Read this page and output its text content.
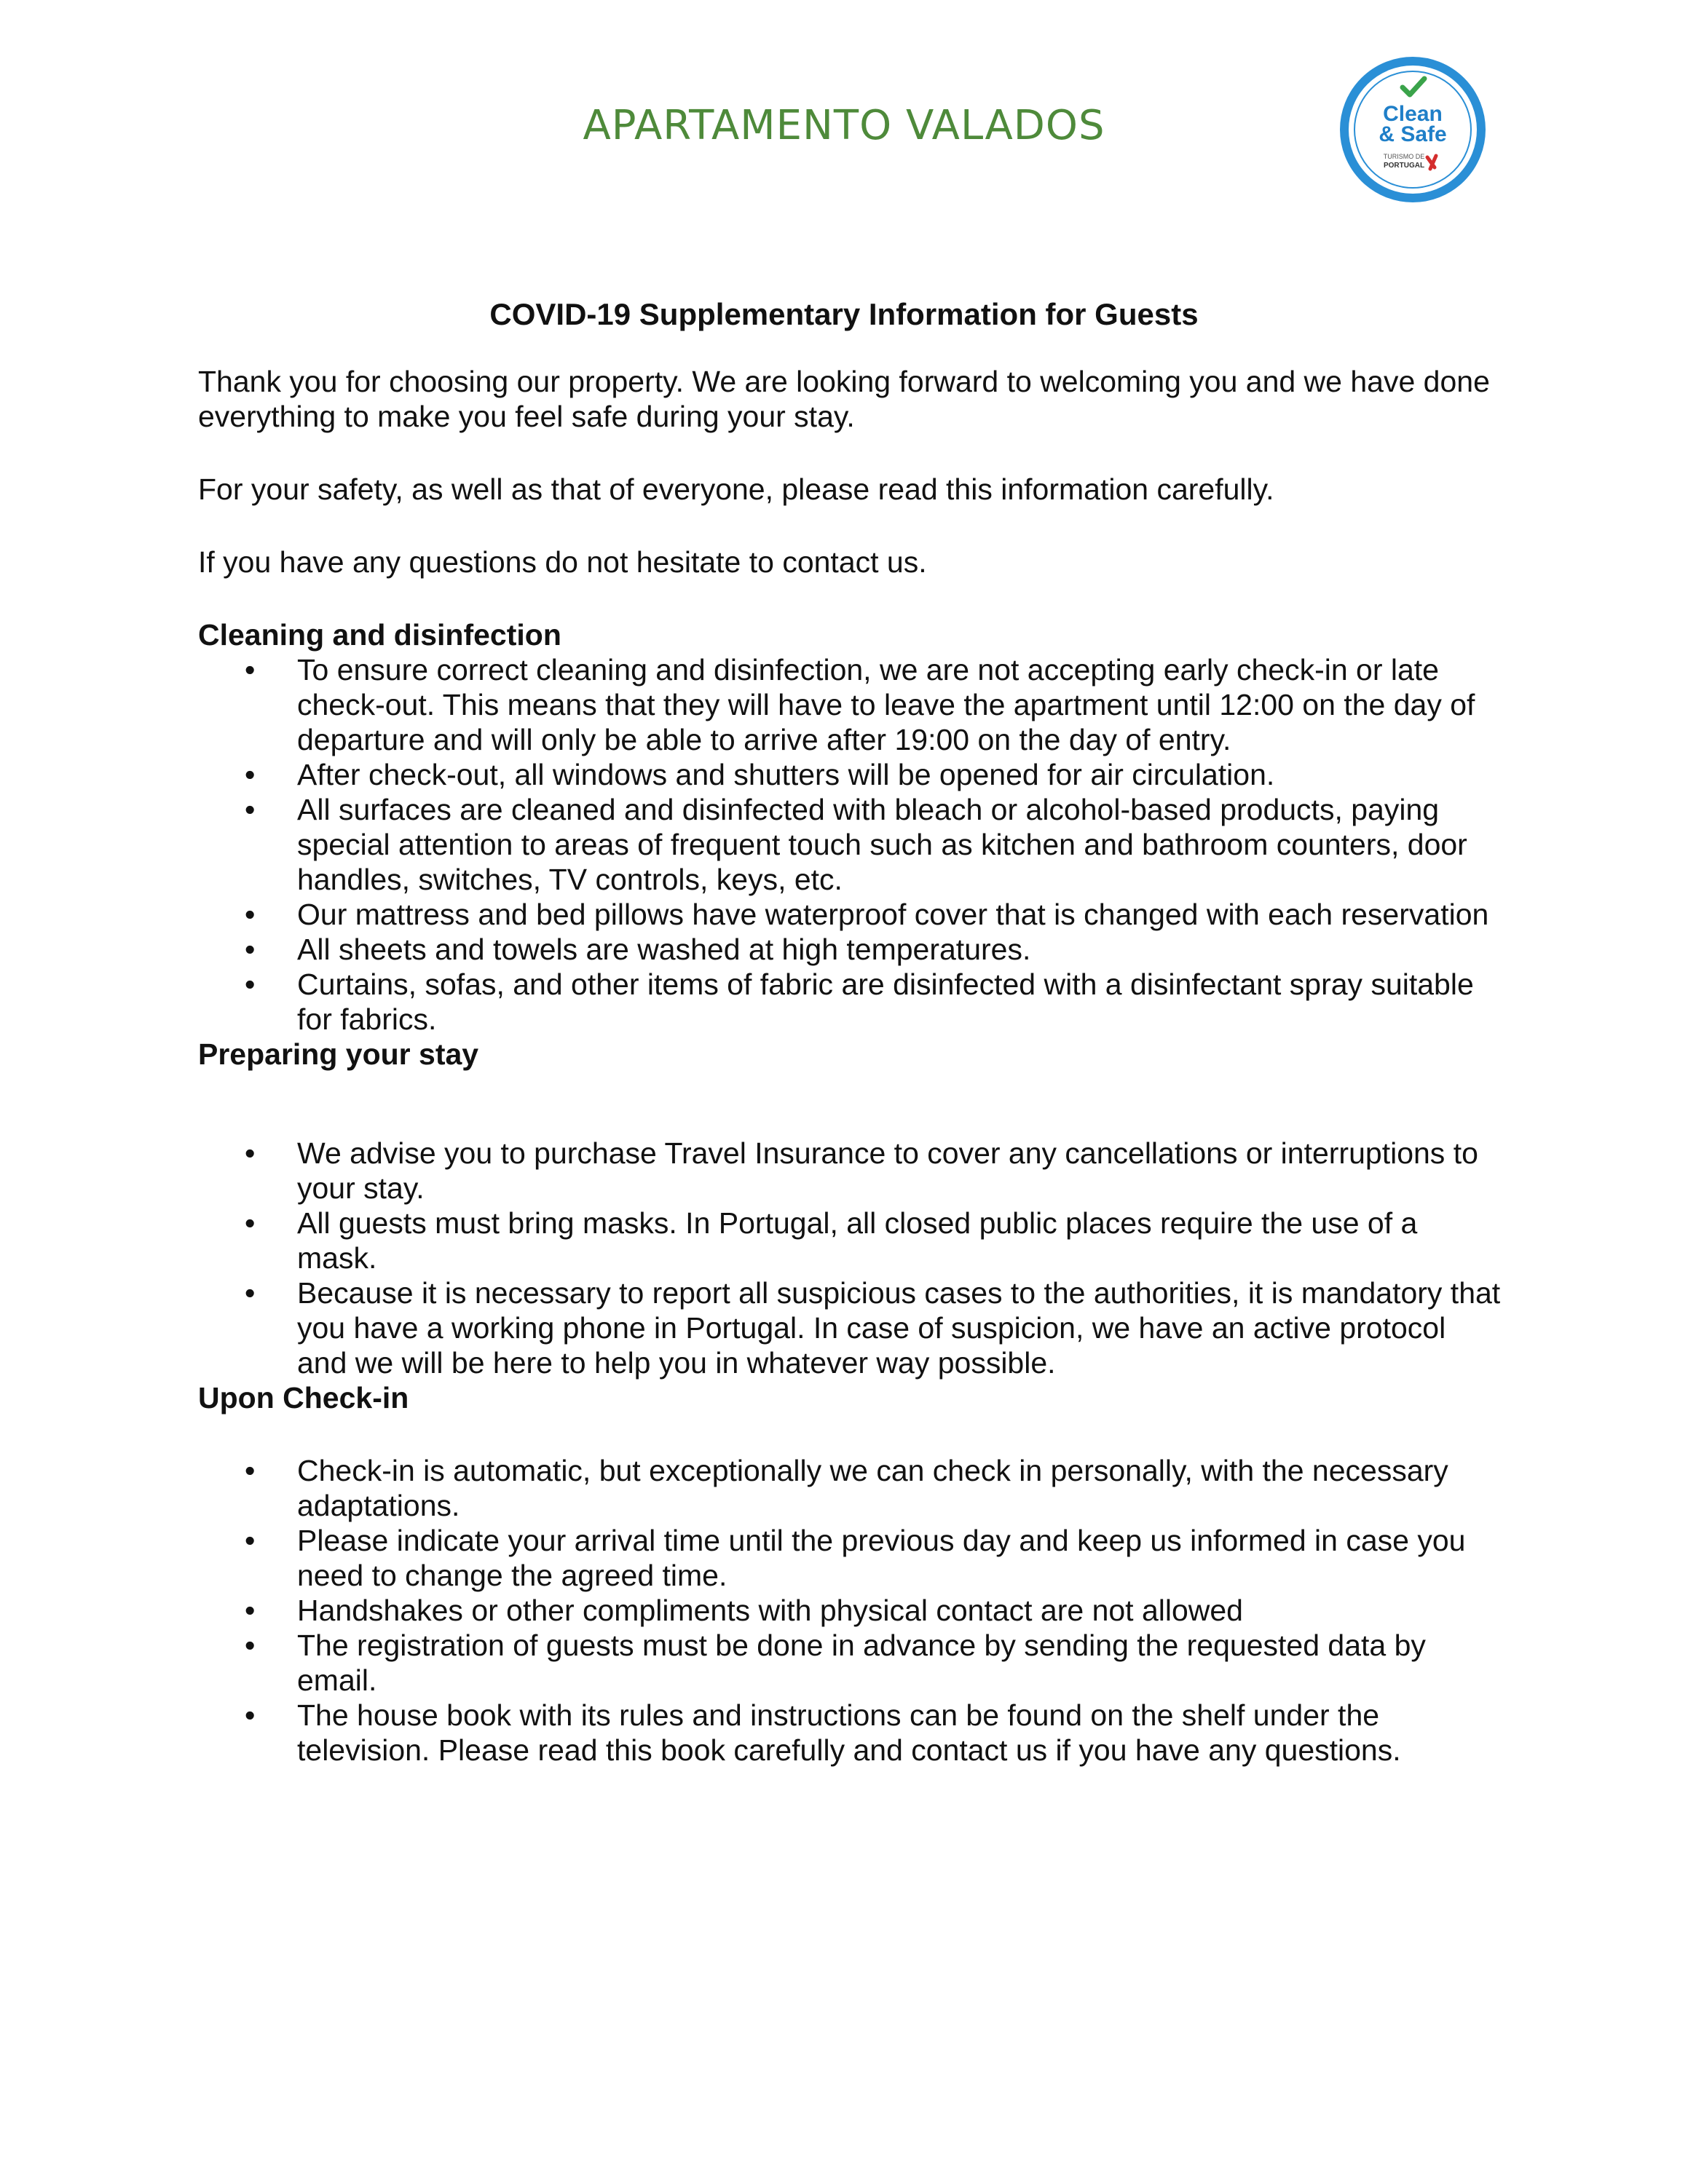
APARTAMENTO VALADOS	Clean
& Safe
TURISMO DE
PORTUGAL
COVID-19 Supplementary Information for Guests

Thank you for choosing our property. We are looking forward to welcoming you and we have done everything to make you feel safe during your stay.

For your safety, as well as that of everyone, please read this information carefully.

If you have any questions do not hesitate to contact us.

Cleaning and disinfection

• To ensure correct cleaning and disinfection, we are not accepting early check-in or late check-out. This means that they will have to leave the apartment until 12:00 on the day of departure and will only be able to arrive after 19:00 on the day of entry.
• After check-out, all windows and shutters will be opened for air circulation.
• All surfaces are cleaned and disinfected with bleach or alcohol-based products, paying special attention to areas of frequent touch such as kitchen and bathroom counters, door handles, switches, TV controls, keys, etc.
• Our mattress and bed pillows have waterproof cover that is changed with each reservation
• All sheets and towels are washed at high temperatures.
• Curtains, sofas, and other items of fabric are disinfected with a disinfectant spray suitable for fabrics.

Preparing your stay

• We advise you to purchase Travel Insurance to cover any cancellations or interruptions to your stay.
• All guests must bring masks. In Portugal, all closed public places require the use of a mask.
• Because it is necessary to report all suspicious cases to the authorities, it is mandatory that you have a working phone in Portugal. In case of suspicion, we have an active protocol and we will be here to help you in whatever way possible.

Upon Check-in

• Check-in is automatic, but exceptionally we can check in personally, with the necessary adaptations.
• Please indicate your arrival time until the previous day and keep us informed in case you need to change the agreed time.
• Handshakes or other compliments with physical contact are not allowed
• The registration of guests must be done in advance by sending the requested data by email.
• The house book with its rules and instructions can be found on the shelf under the television. Please read this book carefully and contact us if you have any questions.
